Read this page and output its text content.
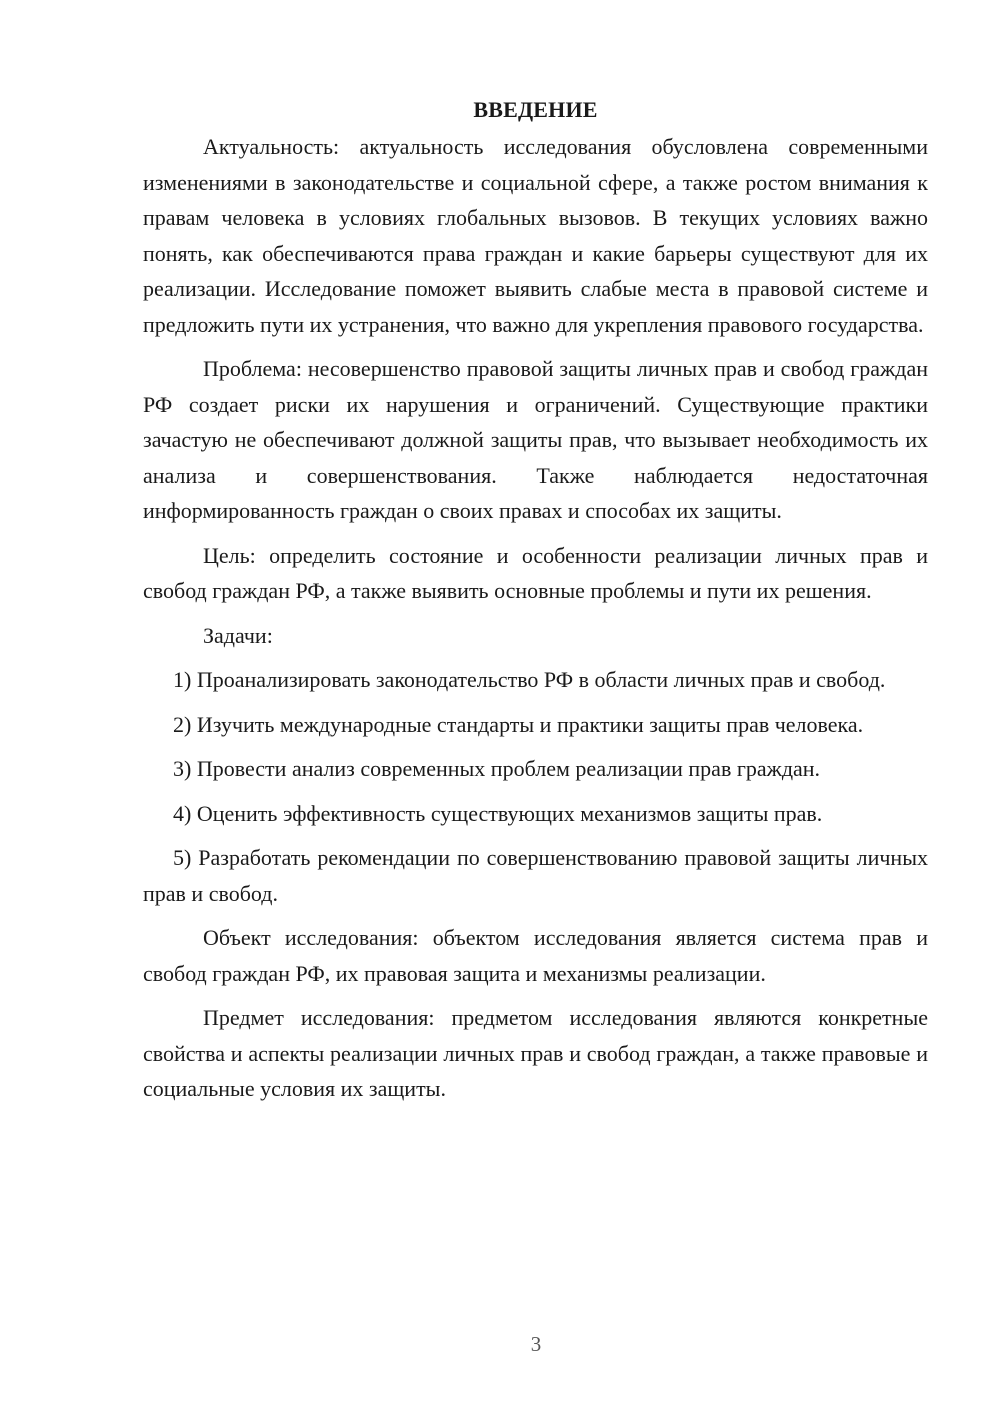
ВВЕДЕНИЕ

Актуальность: актуальность исследования обусловлена современными изменениями в законодательстве и социальной сфере, а также ростом внимания к правам человека в условиях глобальных вызовов. В текущих условиях важно понять, как обеспечиваются права граждан и какие барьеры существуют для их реализации. Исследование поможет выявить слабые места в правовой системе и предложить пути их устранения, что важно для укрепления правового государства.

Проблема: несовершенство правовой защиты личных прав и свобод граждан РФ создает риски их нарушения и ограничений. Существующие практики зачастую не обеспечивают должной защиты прав, что вызывает необходимость их анализа и совершенствования. Также наблюдается недостаточная информированность граждан о своих правах и способах их защиты.

Цель: определить состояние и особенности реализации личных прав и свобод граждан РФ, а также выявить основные проблемы и пути их решения.

Задачи:

1) Проанализировать законодательство РФ в области личных прав и свобод.

2) Изучить международные стандарты и практики защиты прав человека.

3) Провести анализ современных проблем реализации прав граждан.

4) Оценить эффективность существующих механизмов защиты прав.

5) Разработать рекомендации по совершенствованию правовой защиты личных прав и свобод.

Объект исследования: объектом исследования является система прав и свобод граждан РФ, их правовая защита и механизмы реализации.

Предмет исследования: предметом исследования являются конкретные свойства и аспекты реализации личных прав и свобод граждан, а также правовые и социальные условия их защиты.

3
